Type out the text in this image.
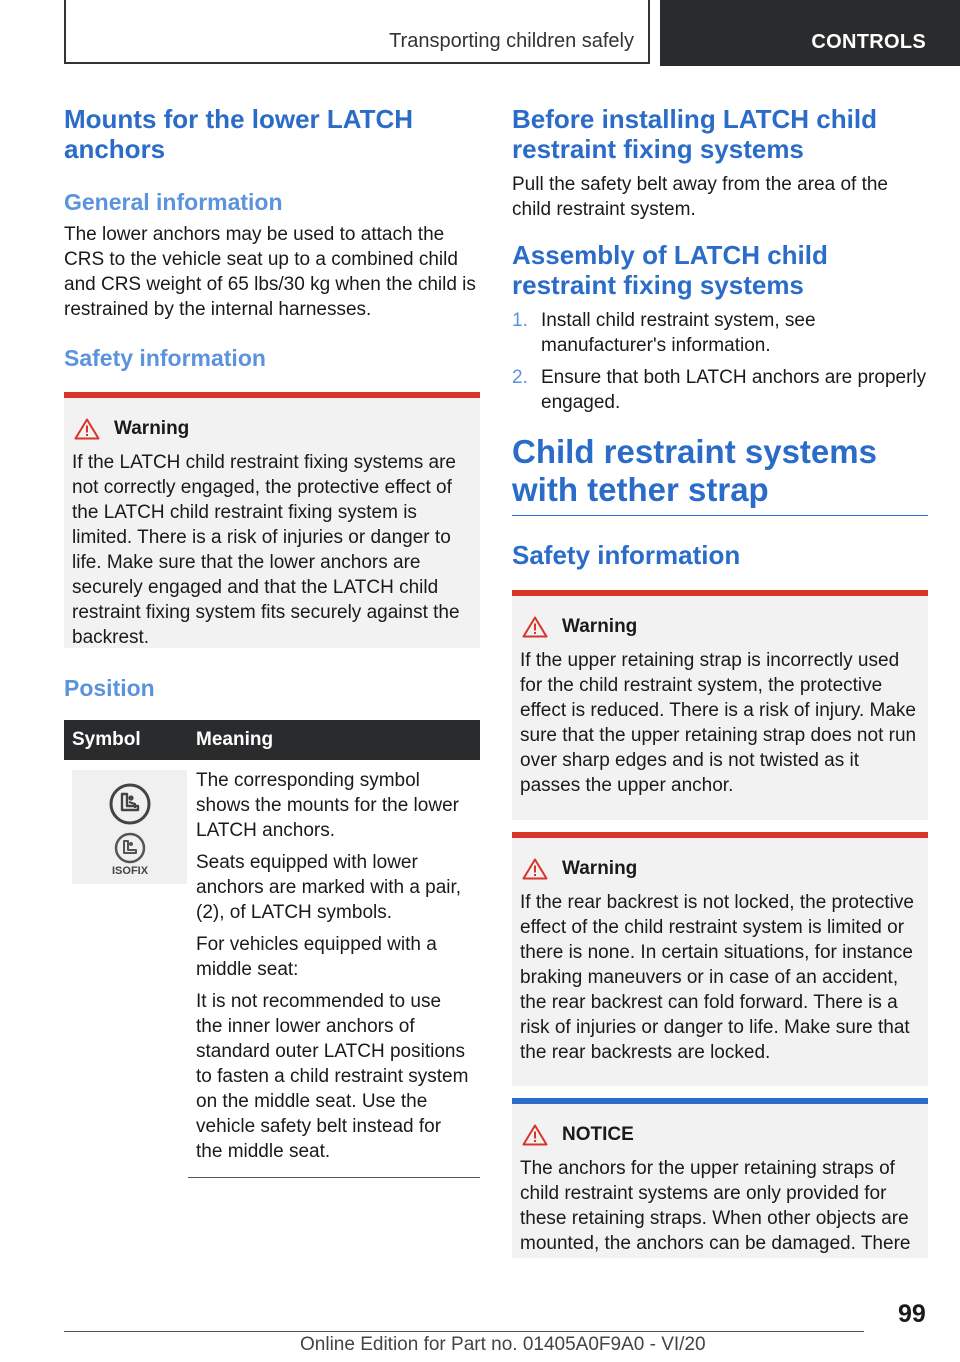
Transporting children safely	CONTROLS
Mounts for the lower LATCH anchors
General information

The lower anchors may be used to attach the CRS to the vehicle seat up to a combined child and CRS weight of 65 lbs/30 kg when the child is restrained by the internal harnesses.

Safety information
Warning

If the LATCH child restraint fixing systems are not correctly engaged, the protective effect of the LATCH child restraint fixing system is limited. There is a risk of injuries or danger to life. Make sure that the lower anchors are securely engaged and that the LATCH child restraint fixing system fits securely against the backrest.

Position
Symbol	Meaning

ISOFIX	The corresponding symbol shows the mounts for the lower LATCH anchors.

Seats equipped with lower anchors are marked with a pair, (2), of LATCH symbols.

For vehicles equipped with a middle seat:

It is not recommended to use the inner lower anchors of standard outer LATCH positions to fasten a child restraint system on the middle seat. Use the vehicle safety belt instead for the middle seat.

Before installing LATCH child restraint fixing systems

Pull the safety belt away from the area of the child restraint system.

Assembly of LATCH child restraint fixing systems
1. Install child restraint system, see manufacturer's information.
2. Ensure that both LATCH anchors are properly engaged.
Child restraint systems with tether strap
Safety information
Warning

If the upper retaining strap is incorrectly used for the child restraint system, the protective effect is reduced. There is a risk of injury. Make sure that the upper retaining strap does not run over sharp edges and is not twisted as it passes the upper anchor.

Warning

If the rear backrest is not locked, the protective effect of the child restraint system is limited or there is none. In certain situations, for instance braking maneuvers or in case of an accident, the rear backrest can fold forward. There is a risk of injuries or danger to life. Make sure that the rear backrests are locked.

NOTICE

The anchors for the upper retaining straps of child restraint systems are only provided for these retaining straps. When other objects are mounted, the anchors can be damaged. There

99
Online Edition for Part no. 01405A0F9A0 - VI/20
